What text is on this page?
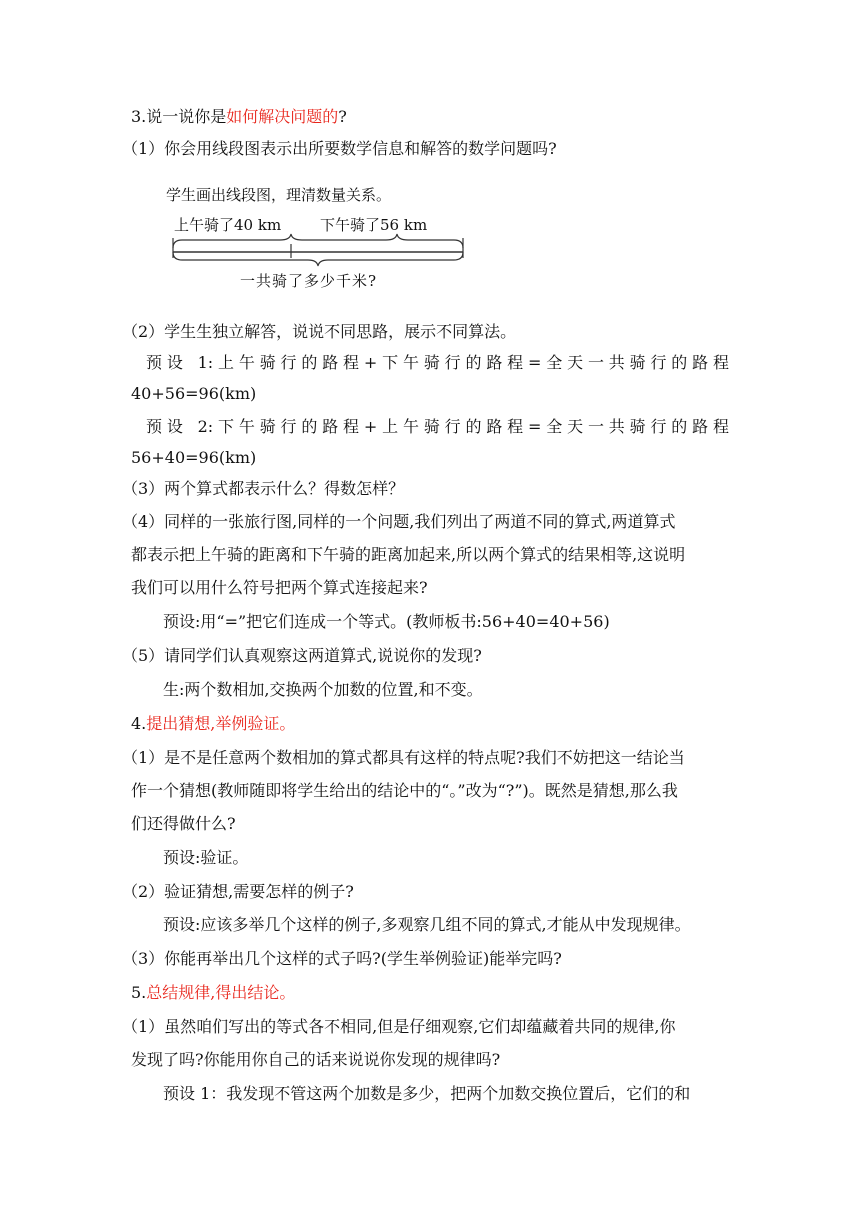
3.说一说你是如何解决问题的?
（1）你会用线段图表示出所要数学信息和解答的数学问题吗?
学生画出线段图，理清数量关系。
上午骑了40 km	下午骑了56 km
一共骑了多少千米?
（2）学生生独立解答，说说不同思路，展示不同算法。
预设 1:上午骑行的路程+下午骑行的路程=全天一共骑行的路程
40+56=96(km)
预设 2:下午骑行的路程+上午骑行的路程=全天一共骑行的路程
56+40=96(km)
（3）两个算式都表示什么？得数怎样？
（4）同样的一张旅行图,同样的一个问题,我们列出了两道不同的算式,两道算式
都表示把上午骑的距离和下午骑的距离加起来,所以两个算式的结果相等,这说明
我们可以用什么符号把两个算式连接起来?
预设:用“=”把它们连成一个等式。(教师板书:56+40=40+56)
（5）请同学们认真观察这两道算式,说说你的发现?
生:两个数相加,交换两个加数的位置,和不变。
4.提出猜想,举例验证。
（1）是不是任意两个数相加的算式都具有这样的特点呢?我们不妨把这一结论当
作一个猜想(教师随即将学生给出的结论中的“。”改为“?”)。既然是猜想,那么我
们还得做什么?
预设:验证。
（2）验证猜想,需要怎样的例子?
预设:应该多举几个这样的例子,多观察几组不同的算式,才能从中发现规律。
（3）你能再举出几个这样的式子吗?(学生举例验证)能举完吗?
5.总结规律,得出结论。
（1）虽然咱们写出的等式各不相同,但是仔细观察,它们却蕴藏着共同的规律,你
发现了吗?你能用你自己的话来说说你发现的规律吗?
预设 1：我发现不管这两个加数是多少，把两个加数交换位置后，它们的和
